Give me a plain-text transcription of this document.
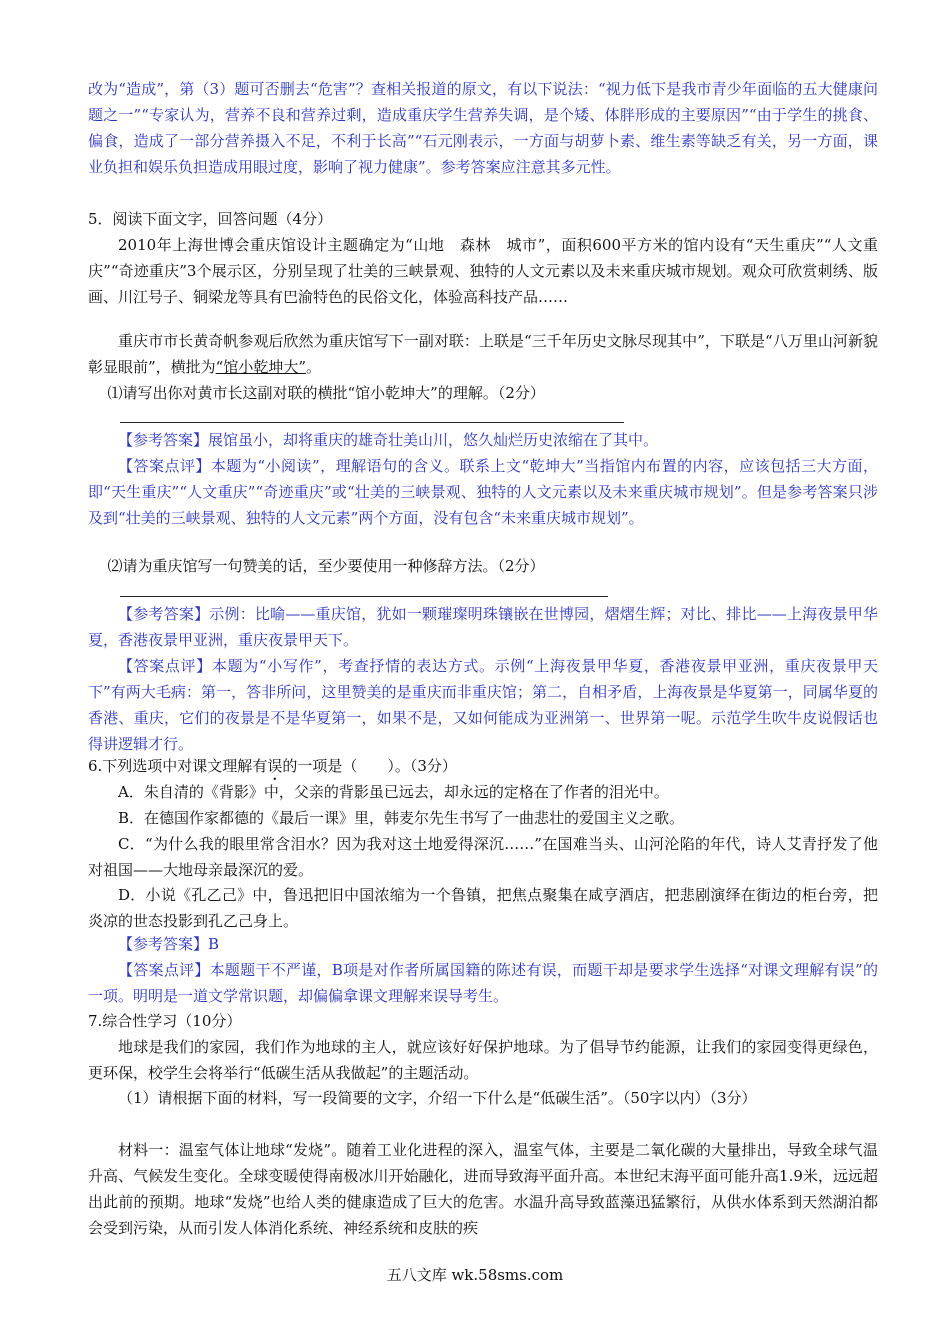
改为“造成”，第（3）题可否删去“危害”？查相关报道的原文，有以下说法：“视力低下是我市青少年面临的五大健康问题之一”“专家认为，营养不良和营养过剩，造成重庆学生营养失调，是个矮、体胖形成的主要原因”“由于学生的挑食、偏食，造成了一部分营养摄入不足，不利于长高”“石元刚表示，一方面与胡萝卜素、维生素等缺乏有关，另一方面，课业负担和娱乐负担造成用眼过度，影响了视力健康”。参考答案应注意其多元性。

5．阅读下面文字，回答问题（4分）

2010年上海世博会重庆馆设计主题确定为“山地　森林　城市”，面积600平方米的馆内设有“天生重庆”“人文重庆”“奇迹重庆”3个展示区，分别呈现了壮美的三峡景观、独特的人文元素以及未来重庆城市规划。观众可欣赏刺绣、版画、川江号子、铜梁龙等具有巴渝特色的民俗文化，体验高科技产品……

重庆市市长黄奇帆参观后欣然为重庆馆写下一副对联：上联是“三千年历史文脉尽现其中”，下联是“八万里山河新貌彰显眼前”，横批为“馆小乾坤大”。

⑴请写出你对黄市长这副对联的横批“馆小乾坤大”的理解。（2分）

【参考答案】展馆虽小，却将重庆的雄奇壮美山川，悠久灿烂历史浓缩在了其中。

【答案点评】本题为“小阅读”，理解语句的含义。联系上文“乾坤大”当指馆内布置的内容，应该包括三大方面，即“天生重庆”“人文重庆”“奇迹重庆”或“壮美的三峡景观、独特的人文元素以及未来重庆城市规划”。但是参考答案只涉及到“壮美的三峡景观、独特的人文元素”两个方面，没有包含“未来重庆城市规划”。

⑵请为重庆馆写一句赞美的话，至少要使用一种修辞方法。（2分）

【参考答案】示例：比喻——重庆馆，犹如一颗璀璨明珠镶嵌在世博园，熠熠生辉；对比、排比——上海夜景甲华夏，香港夜景甲亚洲，重庆夜景甲天下。

【答案点评】本题为“小写作”，考查抒情的表达方式。示例“上海夜景甲华夏，香港夜景甲亚洲，重庆夜景甲天下”有两大毛病：第一，答非所问，这里赞美的是重庆而非重庆馆；第二，自相矛盾，上海夜景是华夏第一，同属华夏的香港、重庆，它们的夜景是不是华夏第一，如果不是，又如何能成为亚洲第一、世界第一呢。示范学生吹牛皮说假话也得讲逻辑才行。

6.下列选项中对课文理解有误的一项是（　　）。（3分）

A．朱自清的《背影》中，父亲的背影虽已远去，却永远的定格在了作者的泪光中。

B．在德国作家都德的《最后一课》里，韩麦尔先生书写了一曲悲壮的爱国主义之歌。

C．“为什么我的眼里常含泪水？因为我对这土地爱得深沉……”在国难当头、山河沦陷的年代，诗人艾青抒发了他对祖国——大地母亲最深沉的爱。

D．小说《孔乙己》中，鲁迅把旧中国浓缩为一个鲁镇，把焦点聚集在咸亨酒店，把悲剧演绎在街边的柜台旁，把炎凉的世态投影到孔乙己身上。

【参考答案】B

【答案点评】本题题干不严谨，B项是对作者所属国籍的陈述有误，而题干却是要求学生选择“对课文理解有误”的一项。明明是一道文学常识题，却偏偏拿课文理解来误导考生。

7.综合性学习（10分）

地球是我们的家园，我们作为地球的主人，就应该好好保护地球。为了倡导节约能源，让我们的家园变得更绿色，更环保，校学生会将举行“低碳生活从我做起”的主题活动。

（1）请根据下面的材料，写一段简要的文字，介绍一下什么是“低碳生活”。（50字以内）（3分）

材料一：温室气体让地球“发烧”。随着工业化进程的深入，温室气体，主要是二氧化碳的大量排出，导致全球气温升高、气候发生变化。全球变暖使得南极冰川开始融化，进而导致海平面升高。本世纪末海平面可能升高1.9米，远远超出此前的预期。地球“发烧”也给人类的健康造成了巨大的危害。水温升高导致蓝藻迅猛繁衍，从供水体系到天然湖泊都会受到污染，从而引发人体消化系统、神经系统和皮肤的疾

五八文库 wk.58sms.com
